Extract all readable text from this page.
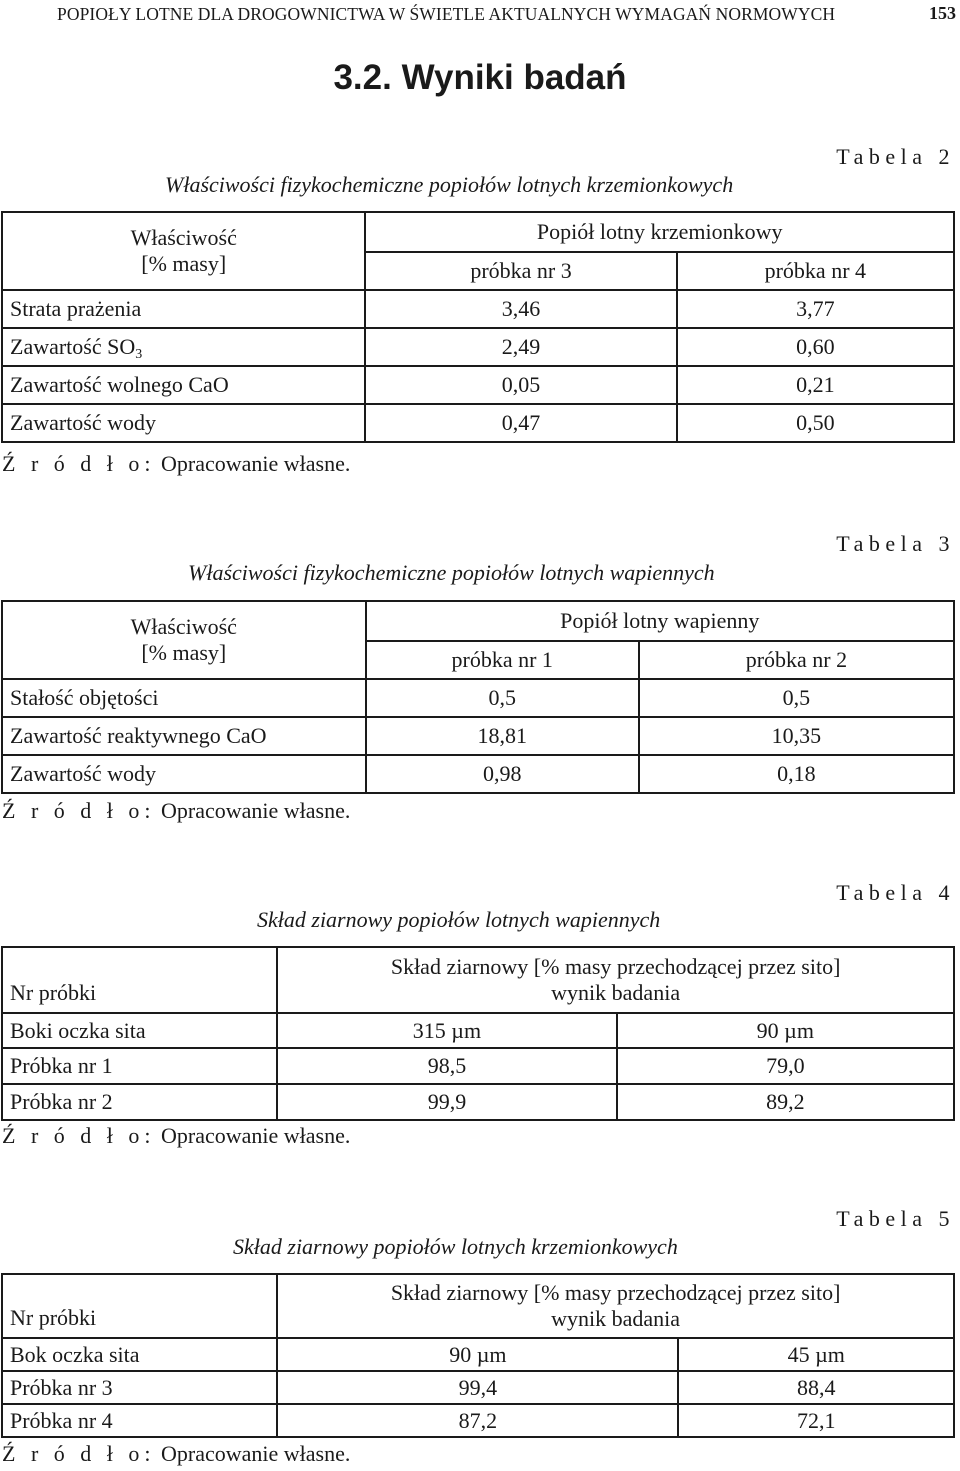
POPIOŁY LOTNE DLA DROGOWNICTWA W ŚWIETLE AKTUALNYCH WYMAGAŃ NORMOWYCH	153
3.2. Wyniki badań
Tabela 2
Właściwości fizykochemiczne popiołów lotnych krzemionkowych
Właściwość
[% masy]	Popiół lotny krzemionkowy	
	próbka nr 3	próbka nr 4
Strata prażenia	3,46	3,77
Zawartość $SO_3$	2,49	0,60
Zawartość wolnego CaO	0,05	0,21
Zawartość wody	0,47	0,50
Ź r ó d ł o: Opracowanie własne.
Tabela 3
Właściwości fizykochemiczne popiołów lotnych wapiennych
Właściwość
[% masy]	Popiół lotny wapienny	
	próbka nr 1	próbka nr 2
Stałość objętości	0,5	0,5
Zawartość reaktywnego CaO	18,81	10,35
Zawartość wody	0,98	0,18
Ź r ó d ł o: Opracowanie własne.
Tabela 4
Skład ziarnowy popiołów lotnych wapiennych
Nr próbki	Skład ziarnowy [% masy przechodzącej przez sito]
wynik badania	

Boki oczka sita	315 µm	90 µm
Próbka nr 1	98,5	79,0
Próbka nr 2	99,9	89,2
Ź r ó d ł o: Opracowanie własne.
Tabela 5
Skład ziarnowy popiołów lotnych krzemionkowych
Nr próbki	Skład ziarnowy [% masy przechodzącej przez sito]
wynik badania	

Bok oczka sita	90 µm	45 µm
Próbka nr 3	99,4	88,4
Próbka nr 4	87,2	72,1
Ź r ó d ł o: Opracowanie własne.
